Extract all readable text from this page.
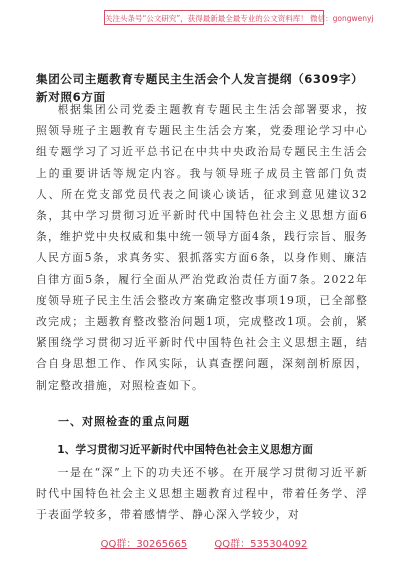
关注头条号“公文研究”，获得最新最全最专业的公文资料库！ 微信：gongwenyj
集团公司主题教育专题民主生活会个人发言提纲（6309字）新对照6方面

根据集团公司党委主题教育专题民主生活会部署要求，按照领导班子主题教育专题民主生活会方案，党委理论学习中心组专题学习了习近平总书记在中共中央政治局专题民主生活会上的重要讲话等规定内容。我与领导班子成员主管部门负责人、所在党支部党员代表之间谈心谈话，征求到意见建议32条，其中学习贯彻习近平新时代中国特色社会主义思想方面6条，维护党中央权威和集中统一领导方面4条，践行宗旨、服务人民方面5条，求真务实、狠抓落实方面6条，以身作则、廉洁自律方面5条，履行全面从严治党政治责任方面7条。2022年度领导班子民主生活会整改方案确定整改事项19项，已全部整改完成；主题教育整改整治问题1项，完成整改1项。会前，紧紧围绕学习贯彻习近平新时代中国特色社会主义思想主题，结合自身思想工作、作风实际，认真查摆问题，深刻剖析原因，制定整改措施，对照检查如下。

一、对照检查的重点问题
1、学习贯彻习近平新时代中国特色社会主义思想方面

一是在“深”上下的功夫还不够。在开展学习贯彻习近平新时代中国特色社会主义思想主题教育过程中，带着任务学、浮于表面学较多，带着感情学、静心深入学较少，对

QQ群：30265665	QQ群：535304092
